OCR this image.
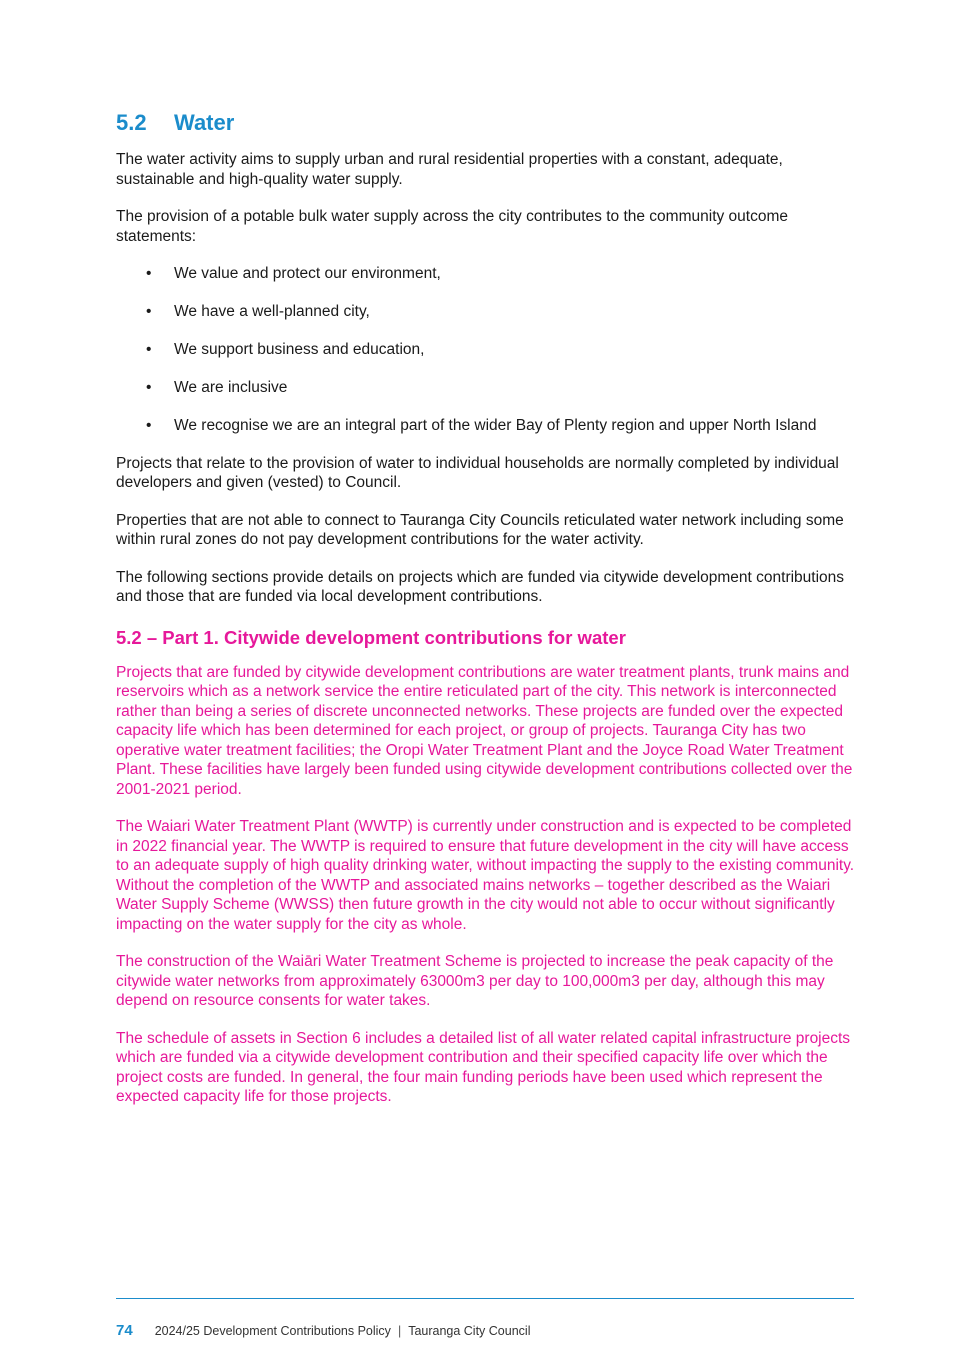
5.2	Water

The water activity aims to supply urban and rural residential properties with a constant, adequate, sustainable and high-quality water supply.

The provision of a potable bulk water supply across the city contributes to the community outcome statements:

• We value and protect our environment,
• We have a well-planned city,
• We support business and education,
• We are inclusive
• We recognise we are an integral part of the wider Bay of Plenty region and upper North Island

Projects that relate to the provision of water to individual households are normally completed by individual developers and given (vested) to Council.

Properties that are not able to connect to Tauranga City Councils reticulated water network including some within rural zones do not pay development contributions for the water activity.

The following sections provide details on projects which are funded via citywide development contributions and those that are funded via local development contributions.

5.2 – Part 1. Citywide development contributions for water

Projects that are funded by citywide development contributions are water treatment plants, trunk mains and reservoirs which as a network service the entire reticulated part of the city. This network is interconnected rather than being a series of discrete unconnected networks. These projects are funded over the expected capacity life which has been determined for each project, or group of projects. Tauranga City has two operative water treatment facilities; the Oropi Water Treatment Plant and the Joyce Road Water Treatment Plant. These facilities have largely been funded using citywide development contributions collected over the 2001-2021 period.

The Waiari Water Treatment Plant (WWTP) is currently under construction and is expected to be completed in 2022 financial year. The WWTP is required to ensure that future development in the city will have access to an adequate supply of high quality drinking water, without impacting the supply to the existing community. Without the completion of the WWTP and associated mains networks – together described as the Waiari Water Supply Scheme (WWSS) then future growth in the city would not able to occur without significantly impacting on the water supply for the city as whole.

The construction of the Waiāri Water Treatment Scheme is projected to increase the peak capacity of the citywide water networks from approximately 63000m3 per day to 100,000m3 per day, although this may depend on resource consents for water takes.

The schedule of assets in Section 6 includes a detailed list of all water related capital infrastructure projects which are funded via a citywide development contribution and their specified capacity life over which the project costs are funded. In general, the four main funding periods have been used which represent the expected capacity life for those projects.

74 2024/25 Development Contributions Policy | Tauranga City Council
